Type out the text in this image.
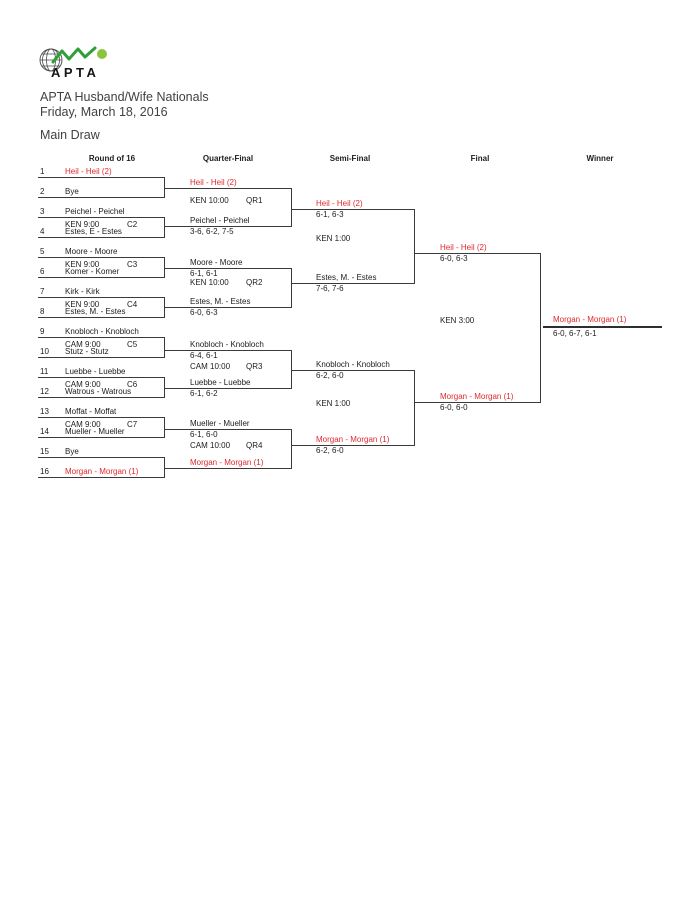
APTA
APTA Husband/Wife Nationals
Friday, March 18, 2016
Main Draw
Round of 16	Quarter-Final	Semi-Final	Final	Winner
1	Heil - Heil (2)
2	Bye
3	Peichel - Peichel
4	Estes, E - Estes
5	Moore - Moore
6	Komer - Komer
7	Kirk - Kirk
8	Estes, M. - Estes
9	Knobloch - Knobloch
10 Stutz - Stutz
11 Luebbe - Luebbe
12 Watrous - Watrous
13 Moffat - Moffat
14 Mueller - Mueller
15 Bye
16 Morgan - Morgan (1)
KEN 9:00	C2
KEN 9:00	C3
KEN 9:00	C4
CAM 9:00	C5
CAM 9:00	C6
CAM 9:00	C7
Heil - Heil (2)
KEN 10:00 QR1
Peichel - Peichel
3-6, 6-2, 7-5
Moore - Moore
6-1, 6-1
KEN 10:00 QR2
Estes, M. - Estes
6-0, 6-3
Knobloch - Knobloch
6-4, 6-1
CAM 10:00 QR3
Luebbe - Luebbe
6-1, 6-2
Mueller - Mueller
6-1, 6-0
CAM 10:00 QR4
Morgan - Morgan (1)
Heil - Heil (2)
6-1, 6-3
KEN 1:00
Estes, M. - Estes
7-6, 7-6
Knobloch - Knobloch
6-2, 6-0
KEN 1:00
Morgan - Morgan (1)
6-2, 6-0
Heil - Heil (2)
6-0, 6-3
KEN 3:00
Morgan - Morgan (1)
6-0, 6-0
Morgan - Morgan (1)
6-0, 6-7, 6-1
